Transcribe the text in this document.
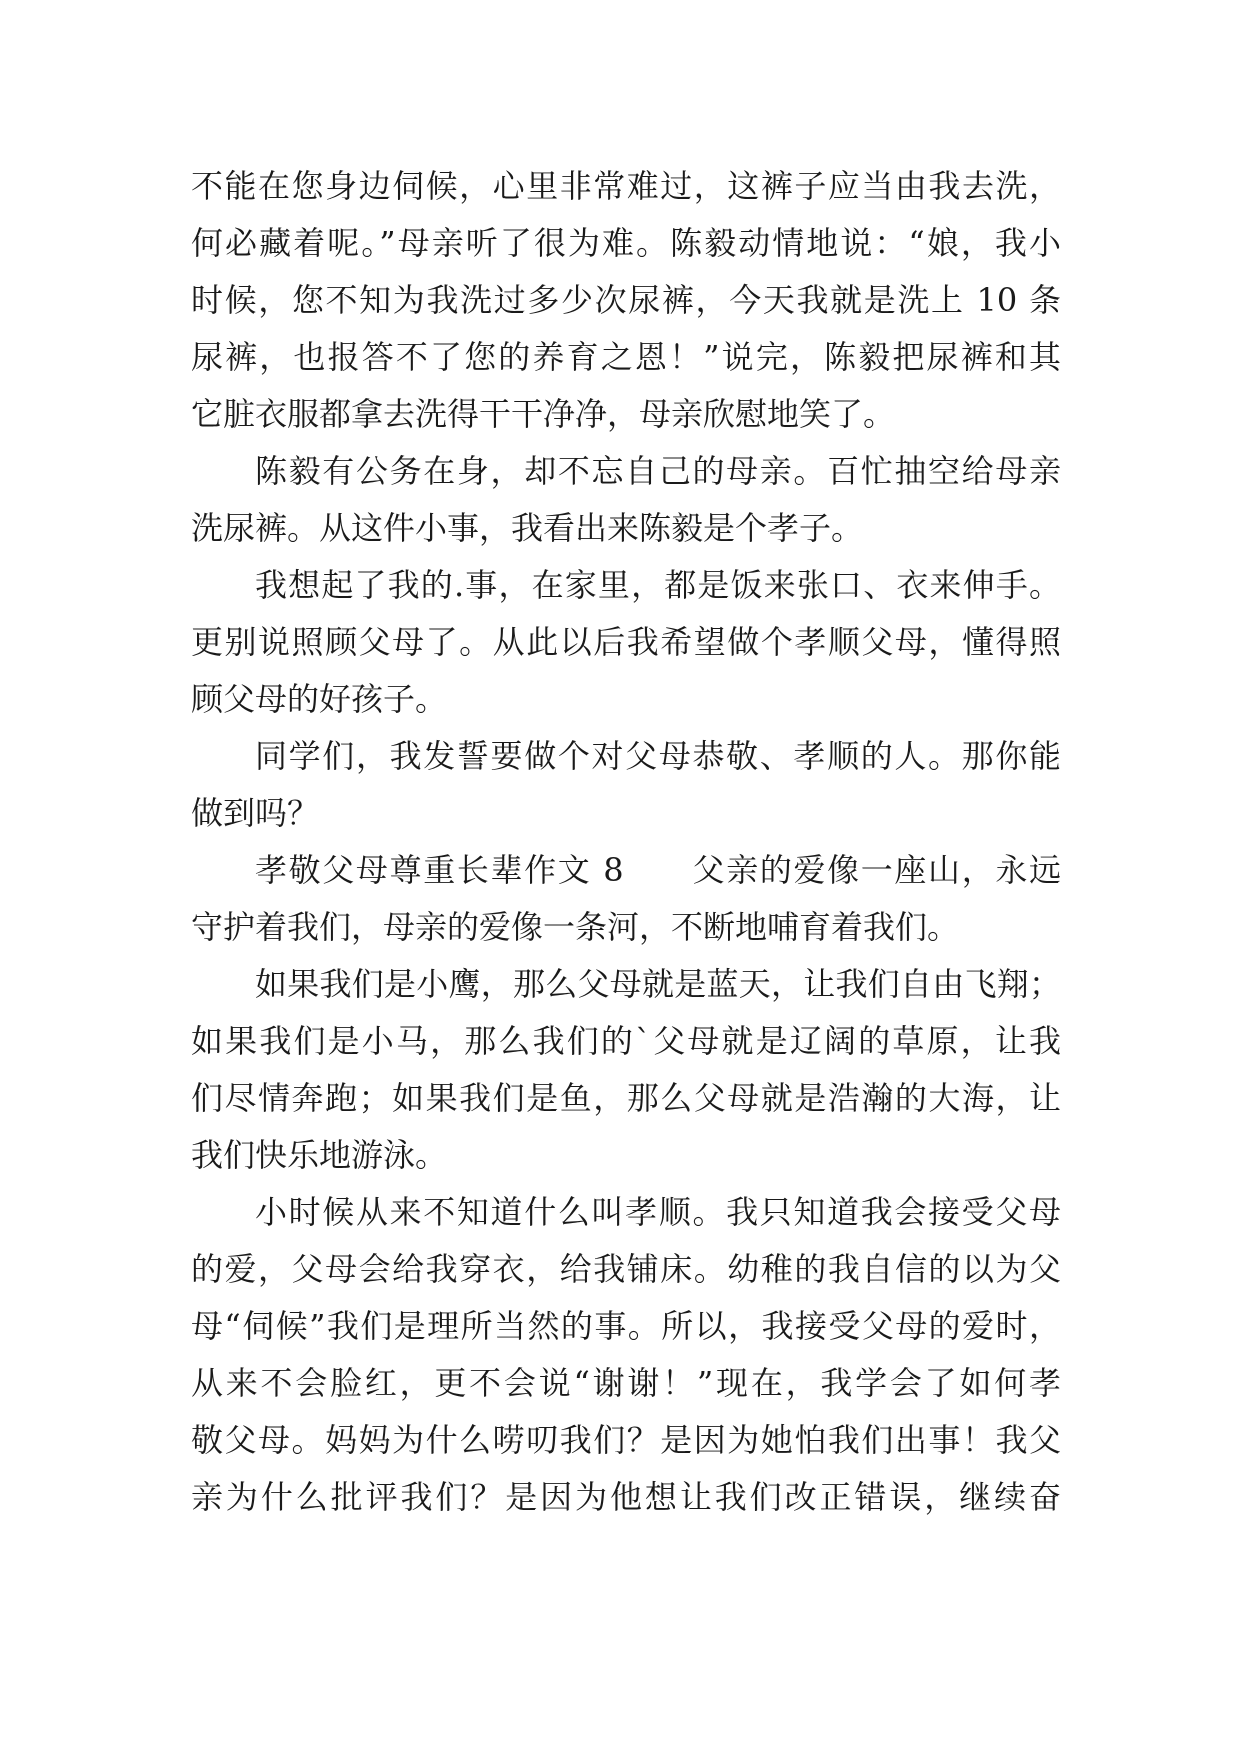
不能在您身边伺候，心里非常难过，这裤子应当由我去洗，
何必藏着呢。”母亲听了很为难。陈毅动情地说：“娘，我小
时候，您不知为我洗过多少次尿裤，今天我就是洗上 10 条
尿裤，也报答不了您的养育之恩！”说完，陈毅把尿裤和其
它脏衣服都拿去洗得干干净净，母亲欣慰地笑了。
陈毅有公务在身，却不忘自己的母亲。百忙抽空给母亲
洗尿裤。从这件小事，我看出来陈毅是个孝子。
我想起了我的.事，在家里，都是饭来张口、衣来伸手。
更别说照顾父母了。从此以后我希望做个孝顺父母，懂得照
顾父母的好孩子。
同学们，我发誓要做个对父母恭敬、孝顺的人。那你能
做到吗？
孝敬父母尊重长辈作文 8　　父亲的爱像一座山，永远
守护着我们，母亲的爱像一条河，不断地哺育着我们。
如果我们是小鹰，那么父母就是蓝天，让我们自由飞翔；
如果我们是小马，那么我们的`父母就是辽阔的草原，让我
们尽情奔跑；如果我们是鱼，那么父母就是浩瀚的大海，让
我们快乐地游泳。
小时候从来不知道什么叫孝顺。我只知道我会接受父母
的爱，父母会给我穿衣，给我铺床。幼稚的我自信的以为父
母“伺候”我们是理所当然的事。所以，我接受父母的爱时，
从来不会脸红，更不会说“谢谢！”现在，我学会了如何孝
敬父母。妈妈为什么唠叨我们？是因为她怕我们出事！我父
亲为什么批评我们？是因为他想让我们改正错误，继续奋
